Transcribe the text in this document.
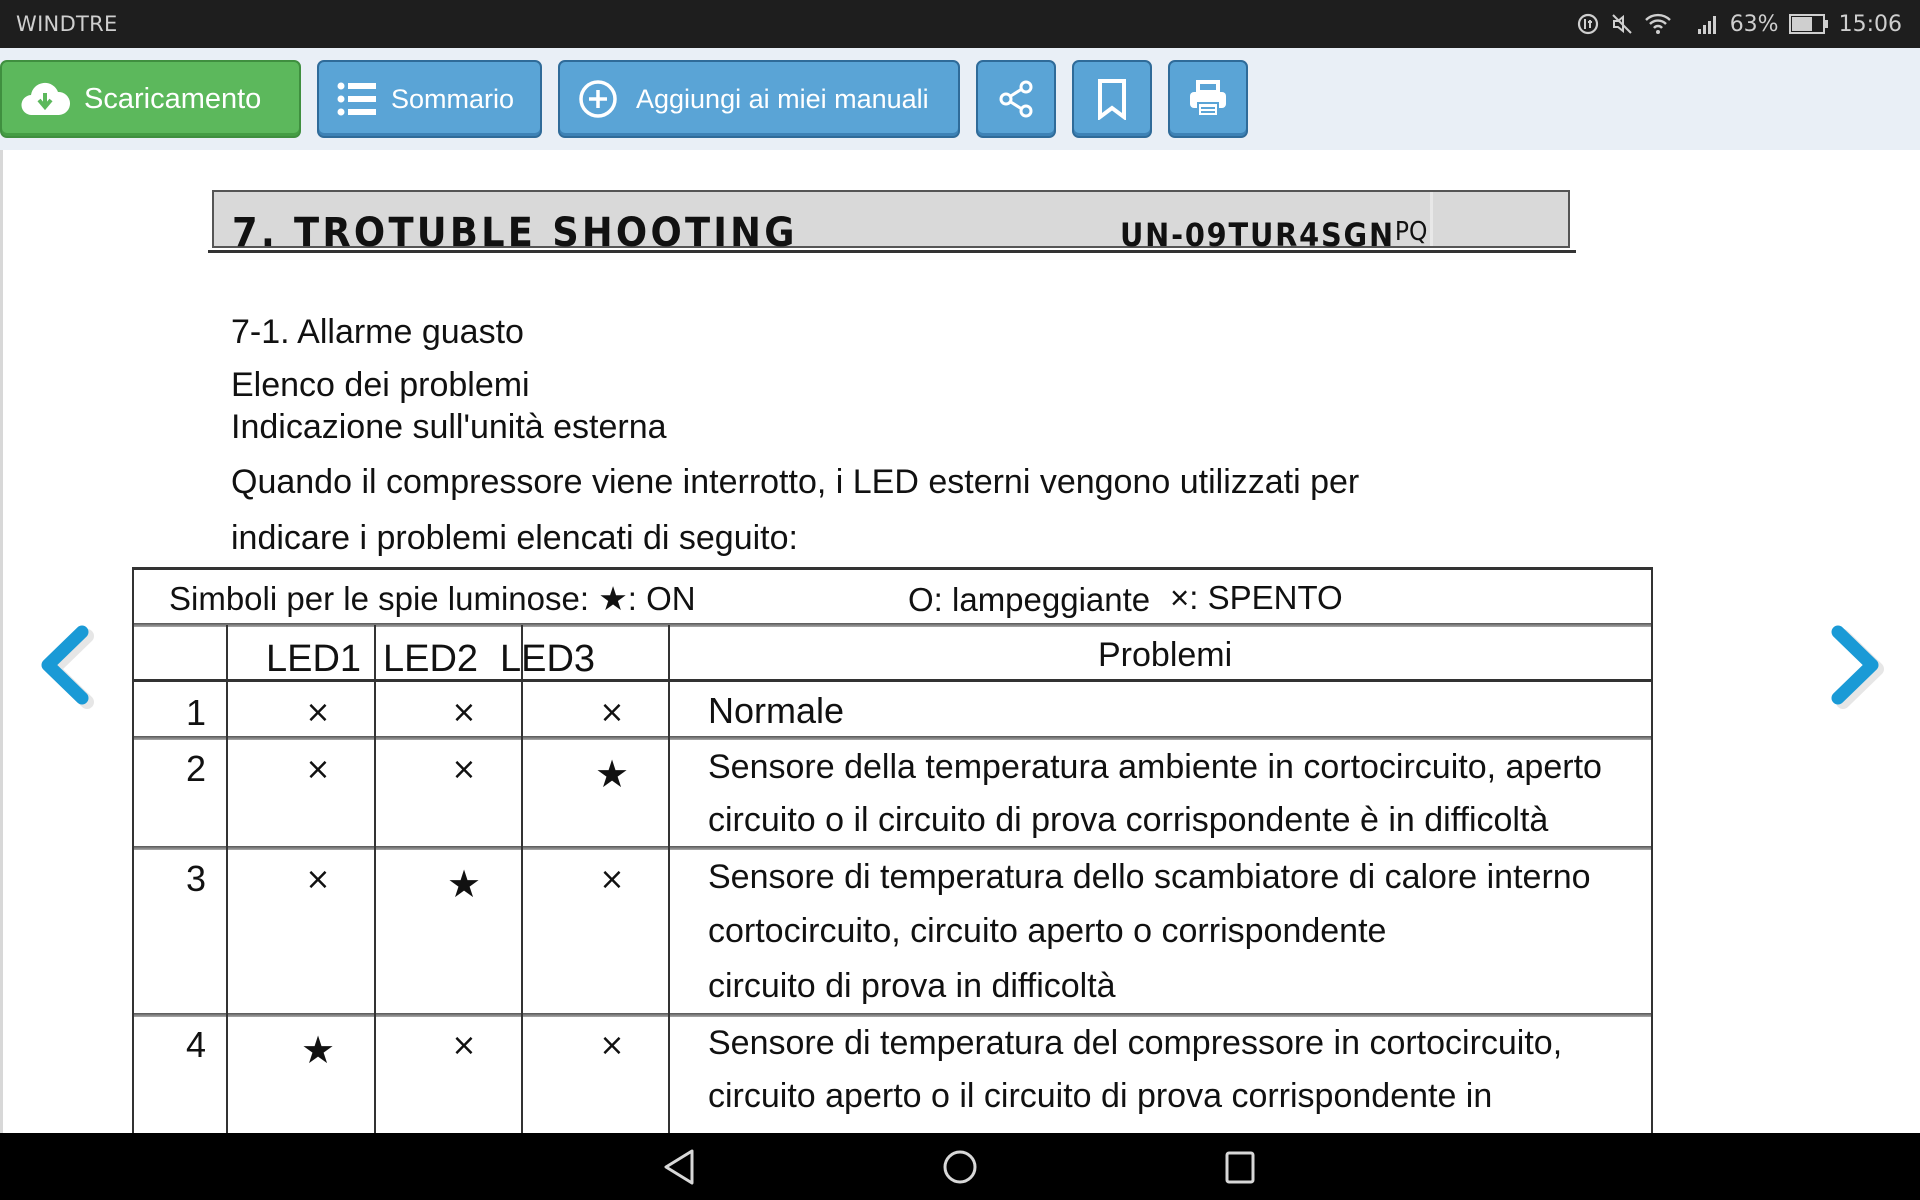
WINDTRE	63%	15:06
Scaricamento	Sommario	Aggiungi ai miei manuali
7. TROTUBLE SHOOTING	$UN-09TUR4SGN^{PQ}$
7-1. Allarme guasto
Elenco dei problemi
Indicazione sull'unità esterna
Quando il compressore viene interrotto, i LED esterni vengono utilizzati per
indicare i problemi elencati di seguito:
Simboli per le spie luminose: ★: ON	O: lampeggiante ×: SPENTO
LED1 LED2 LED3	Problemi
1	×	×	× Normale
2	×	×	★ Sensore della temperatura ambiente in cortocircuito, aperto
circuito o il circuito di prova corrispondente è in difficoltà
3	×	★	× Sensore di temperatura dello scambiatore di calore interno
cortocircuito, circuito aperto o corrispondente
circuito di prova in difficoltà
4 ★	×	× Sensore di temperatura del compressore in cortocircuito,
circuito aperto o il circuito di prova corrispondente in
